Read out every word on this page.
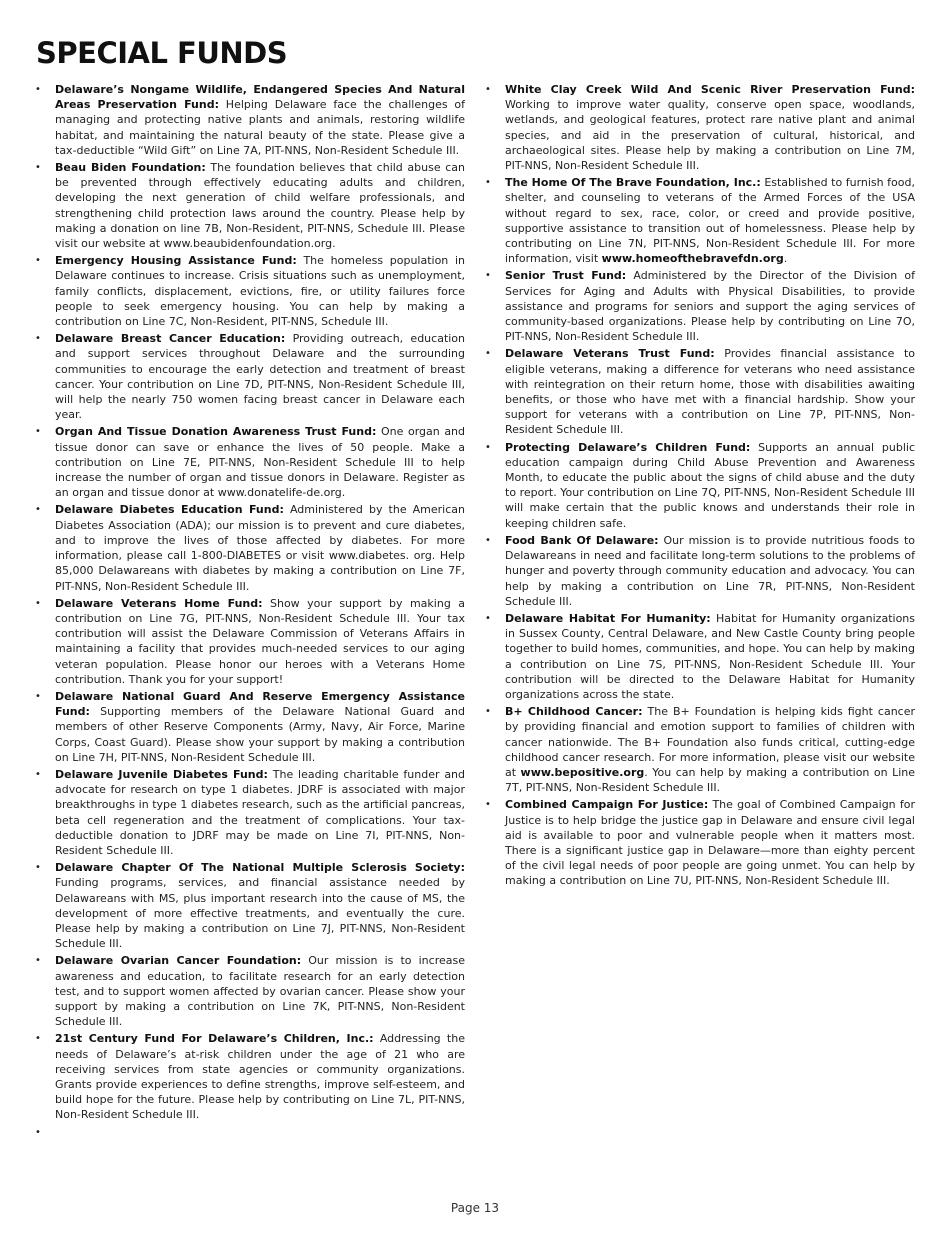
SPECIAL FUNDS
• Delaware’s Nongame Wildlife, Endangered Species And Natural Areas Preservation Fund: Helping Delaware face the challenges of managing and protecting native plants and animals, restoring wildlife habitat, and maintaining the natural beauty of the state. Please give a tax-deductible “Wild Gift” on Line 7A, PIT-NNS, Non-Resident Schedule III.
• Beau Biden Foundation: The foundation believes that child abuse can be prevented through effectively educating adults and children, developing the next generation of child welfare professionals, and strengthening child protection laws around the country. Please help by making a donation on line 7B, Non-Resident, PIT-NNS, Schedule III. Please visit our website at www.beaubidenfoundation.org.
• Emergency Housing Assistance Fund: The homeless population in Delaware continues to increase. Crisis situations such as unemployment, family conflicts, displacement, evictions, fire, or utility failures force people to seek emergency housing. You can help by making a contribution on Line 7C, Non-Resident, PIT-NNS, Schedule III.
• Delaware Breast Cancer Education: Providing outreach, education and support services throughout Delaware and the surrounding communities to encourage the early detection and treatment of breast cancer. Your contribution on Line 7D, PIT-NNS, Non-Resident Schedule III, will help the nearly 750 women facing breast cancer in Delaware each year.
• Organ And Tissue Donation Awareness Trust Fund: One organ and tissue donor can save or enhance the lives of 50 people. Make a contribution on Line 7E, PIT-NNS, Non-Resident Schedule III to help increase the number of organ and tissue donors in Delaware. Register as an organ and tissue donor at www.donatelife-de.org.
• Delaware Diabetes Education Fund: Administered by the American Diabetes Association (ADA); our mission is to prevent and cure diabetes, and to improve the lives of those affected by diabetes. For more information, please call 1-800-DIABETES or visit www.diabetes. org. Help 85,000 Delawareans with diabetes by making a contribution on Line 7F, PIT-NNS, Non-Resident Schedule III.
• Delaware Veterans Home Fund: Show your support by making a contribution on Line 7G, PIT-NNS, Non-Resident Schedule III. Your tax contribution will assist the Delaware Commission of Veterans Affairs in maintaining a facility that provides much-needed services to our aging veteran population. Please honor our heroes with a Veterans Home contribution. Thank you for your support!
• Delaware National Guard And Reserve Emergency Assistance Fund: Supporting members of the Delaware National Guard and members of other Reserve Components (Army, Navy, Air Force, Marine Corps, Coast Guard). Please show your support by making a contribution on Line 7H, PIT-NNS, Non-Resident Schedule III.
• Delaware Juvenile Diabetes Fund: The leading charitable funder and advocate for research on type 1 diabetes. JDRF is associated with major breakthroughs in type 1 diabetes research, such as the artificial pancreas, beta cell regeneration and the treatment of complications. Your tax-deductible donation to JDRF may be made on Line 7I, PIT-NNS, Non-Resident Schedule III.
• Delaware Chapter Of The National Multiple Sclerosis Society: Funding programs, services, and financial assistance needed by Delawareans with MS, plus important research into the cause of MS, the development of more effective treatments, and eventually the cure. Please help by making a contribution on Line 7J, PIT-NNS, Non-Resident Schedule III.
• Delaware Ovarian Cancer Foundation: Our mission is to increase awareness and education, to facilitate research for an early detection test, and to support women affected by ovarian cancer. Please show your support by making a contribution on Line 7K, PIT-NNS, Non-Resident Schedule III.
• 21st Century Fund For Delaware’s Children, Inc.: Addressing the needs of Delaware’s at-risk children under the age of 21 who are receiving services from state agencies or community organizations. Grants provide experiences to define strengths, improve self-esteem, and build hope for the future. Please help by contributing on Line 7L, PIT-NNS, Non-Resident Schedule III.
•
• White Clay Creek Wild And Scenic River Preservation Fund: Working to improve water quality, conserve open space, woodlands, wetlands, and geological features, protect rare native plant and animal species, and aid in the preservation of cultural, historical, and archaeological sites. Please help by making a contribution on Line 7M, PIT-NNS, Non-Resident Schedule III.
• The Home Of The Brave Foundation, Inc.: Established to furnish food, shelter, and counseling to veterans of the Armed Forces of the USA without regard to sex, race, color, or creed and provide positive, supportive assistance to transition out of homelessness. Please help by contributing on Line 7N, PIT-NNS, Non-Resident Schedule III. For more information, visit www.homeofthebravefdn.org.
• Senior Trust Fund: Administered by the Director of the Division of Services for Aging and Adults with Physical Disabilities, to provide assistance and programs for seniors and support the aging services of community-based organizations. Please help by contributing on Line 7O, PIT-NNS, Non-Resident Schedule III.
• Delaware Veterans Trust Fund: Provides financial assistance to eligible veterans, making a difference for veterans who need assistance with reintegration on their return home, those with disabilities awaiting benefits, or those who have met with a financial hardship. Show your support for veterans with a contribution on Line 7P, PIT-NNS, Non-Resident Schedule III.
• Protecting Delaware’s Children Fund: Supports an annual public education campaign during Child Abuse Prevention and Awareness Month, to educate the public about the signs of child abuse and the duty to report. Your contribution on Line 7Q, PIT-NNS, Non-Resident Schedule III will make certain that the public knows and understands their role in keeping children safe.
• Food Bank Of Delaware: Our mission is to provide nutritious foods to Delawareans in need and facilitate long-term solutions to the problems of hunger and poverty through community education and advocacy. You can help by making a contribution on Line 7R, PIT-NNS, Non-Resident Schedule III.
• Delaware Habitat For Humanity: Habitat for Humanity organizations in Sussex County, Central Delaware, and New Castle County bring people together to build homes, communities, and hope. You can help by making a contribution on Line 7S, PIT-NNS, Non-Resident Schedule III. Your contribution will be directed to the Delaware Habitat for Humanity organizations across the state.
• B+ Childhood Cancer: The B+ Foundation is helping kids fight cancer by providing financial and emotion support to families of children with cancer nationwide. The B+ Foundation also funds critical, cutting-edge childhood cancer research. For more information, please visit our website at www.bepositive.org. You can help by making a contribution on Line 7T, PIT-NNS, Non-Resident Schedule III.
• Combined Campaign For Justice: The goal of Combined Campaign for Justice is to help bridge the justice gap in Delaware and ensure civil legal aid is available to poor and vulnerable people when it matters most. There is a significant justice gap in Delaware—more than eighty percent of the civil legal needs of poor people are going unmet. You can help by making a contribution on Line 7U, PIT-NNS, Non-Resident Schedule III.
Page 13
